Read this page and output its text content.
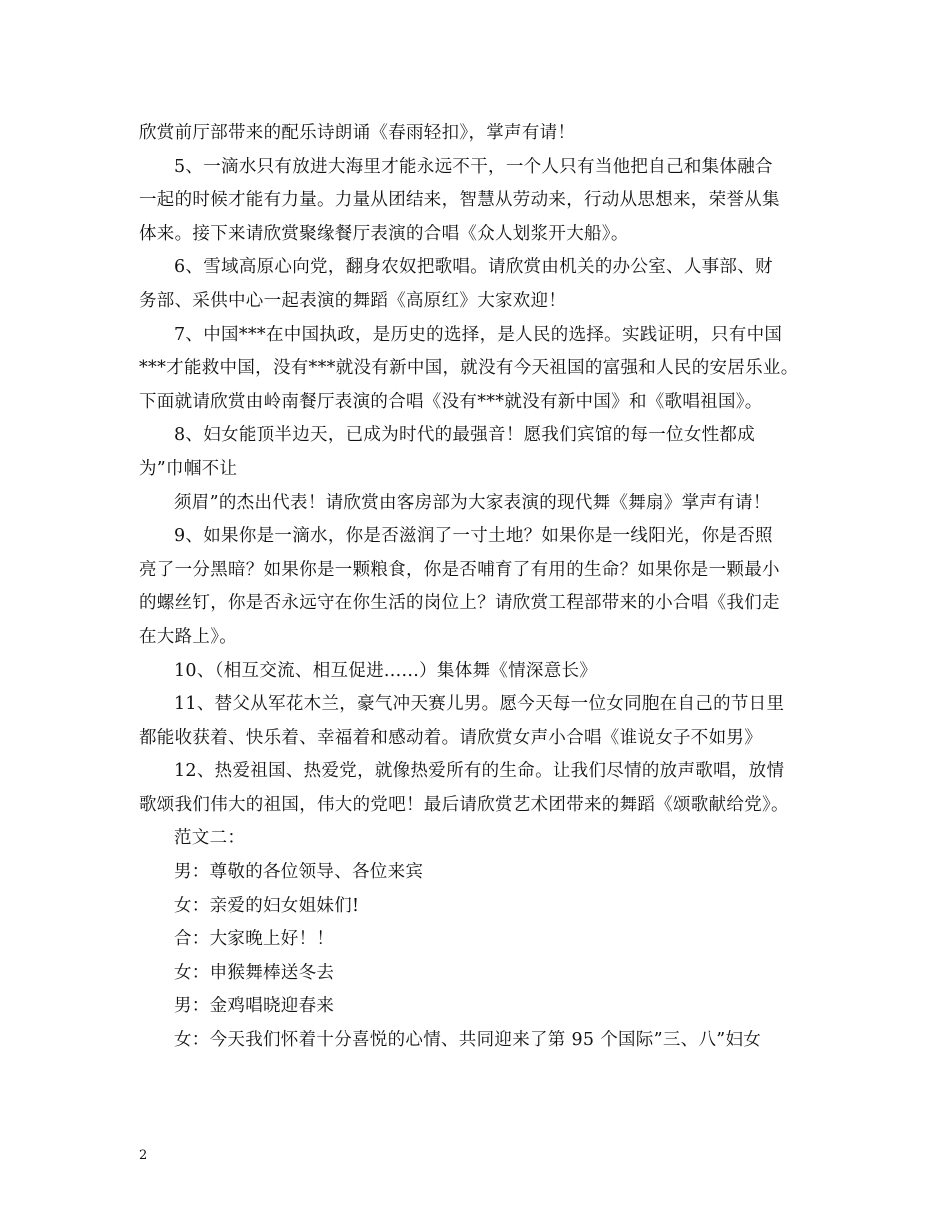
欣赏前厅部带来的配乐诗朗诵《春雨轻扣》，掌声有请！
5、一滴水只有放进大海里才能永远不干，一个人只有当他把自己和集体融合
一起的时候才能有力量。力量从团结来，智慧从劳动来，行动从思想来，荣誉从集
体来。接下来请欣赏聚缘餐厅表演的合唱《众人划浆开大船》。
6、雪域高原心向党，翻身农奴把歌唱。请欣赏由机关的办公室、人事部、财
务部、采供中心一起表演的舞蹈《高原红》大家欢迎！
7、中国***在中国执政，是历史的选择，是人民的选择。实践证明，只有中国
***才能救中国，没有***就没有新中国，就没有今天祖国的富强和人民的安居乐业。
下面就请欣赏由岭南餐厅表演的合唱《没有***就没有新中国》和《歌唱祖国》。
8、妇女能顶半边天，已成为时代的最强音！愿我们宾馆的每一位女性都成
为”巾帼不让
须眉”的杰出代表！请欣赏由客房部为大家表演的现代舞《舞扇》掌声有请！
9、如果你是一滴水，你是否滋润了一寸土地？如果你是一线阳光，你是否照
亮了一分黑暗？如果你是一颗粮食，你是否哺育了有用的生命？如果你是一颗最小
的螺丝钉，你是否永远守在你生活的岗位上？请欣赏工程部带来的小合唱《我们走
在大路上》。
10、（相互交流、相互促进......）集体舞《情深意长》
11、替父从军花木兰，豪气冲天赛儿男。愿今天每一位女同胞在自己的节日里
都能收获着、快乐着、幸福着和感动着。请欣赏女声小合唱《谁说女子不如男》
12、热爱祖国、热爱党，就像热爱所有的生命。让我们尽情的放声歌唱，放情
歌颂我们伟大的祖国，伟大的党吧！最后请欣赏艺术团带来的舞蹈《颂歌献给党》。
范文二：
男：尊敬的各位领导、各位来宾
女：亲爱的妇女姐妹们!
合：大家晚上好！！
女：申猴舞棒送冬去
男：金鸡唱晓迎春来
女：今天我们怀着十分喜悦的心情、共同迎来了第 95 个国际”三、八”妇女
2
